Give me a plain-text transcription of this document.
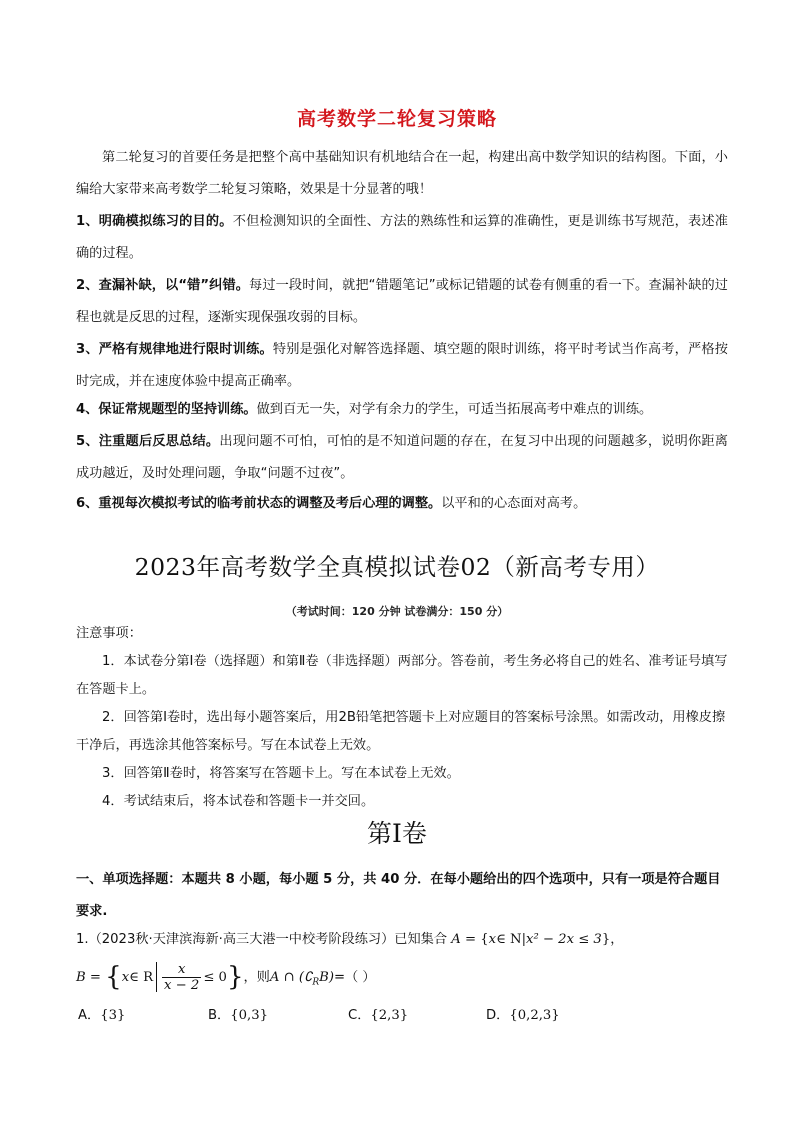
高考数学二轮复习策略

第二轮复习的首要任务是把整个高中基础知识有机地结合在一起，构建出高中数学知识的结构图。下面，小编给大家带来高考数学二轮复习策略，效果是十分显著的哦！

1、明确模拟练习的目的。不但检测知识的全面性、方法的熟练性和运算的准确性，更是训练书写规范，表述准确的过程。

2、查漏补缺，以“错”纠错。每过一段时间，就把“错题笔记”或标记错题的试卷有侧重的看一下。查漏补缺的过程也就是反思的过程，逐渐实现保强攻弱的目标。

3、严格有规律地进行限时训练。特别是强化对解答选择题、填空题的限时训练，将平时考试当作高考，严格按时完成，并在速度体验中提高正确率。

4、保证常规题型的坚持训练。做到百无一失，对学有余力的学生，可适当拓展高考中难点的训练。

5、注重题后反思总结。出现问题不可怕，可怕的是不知道问题的存在，在复习中出现的问题越多，说明你距离成功越近，及时处理问题，争取“问题不过夜”。

6、重视每次模拟考试的临考前状态的调整及考后心理的调整。以平和的心态面对高考。

2023年高考数学全真模拟试卷02（新高考专用）
（考试时间：120 分钟 试卷满分：150 分）
注意事项：
1．本试卷分第Ⅰ卷（选择题）和第Ⅱ卷（非选择题）两部分。答卷前，考生务必将自己的姓名、准考证号填写在答题卡上。
2．回答第Ⅰ卷时，选出每小题答案后，用2B铅笔把答题卡上对应题目的答案标号涂黑。如需改动，用橡皮擦干净后，再选涂其他答案标号。写在本试卷上无效。
3．回答第Ⅱ卷时，将答案写在答题卡上。写在本试卷上无效。
4．考试结束后，将本试卷和答题卡一并交回。
第Ⅰ卷

一、单项选择题：本题共 8 小题，每小题 5 分，共 40 分．在每小题给出的四个选项中，只有一项是符合题目要求.

1.（2023秋·天津滨海新·高三大港一中校考阶段练习）已知集合 A = {x∈ N|x² − 2x ≤ 3}，
B = {x∈ R $\frac{x}{x - 2} \le 0$}，则A ∩ $(∁_RB)=$（ ）
A．{3}	B．{0,3}	C．{2,3}	D．{0,2,3}
